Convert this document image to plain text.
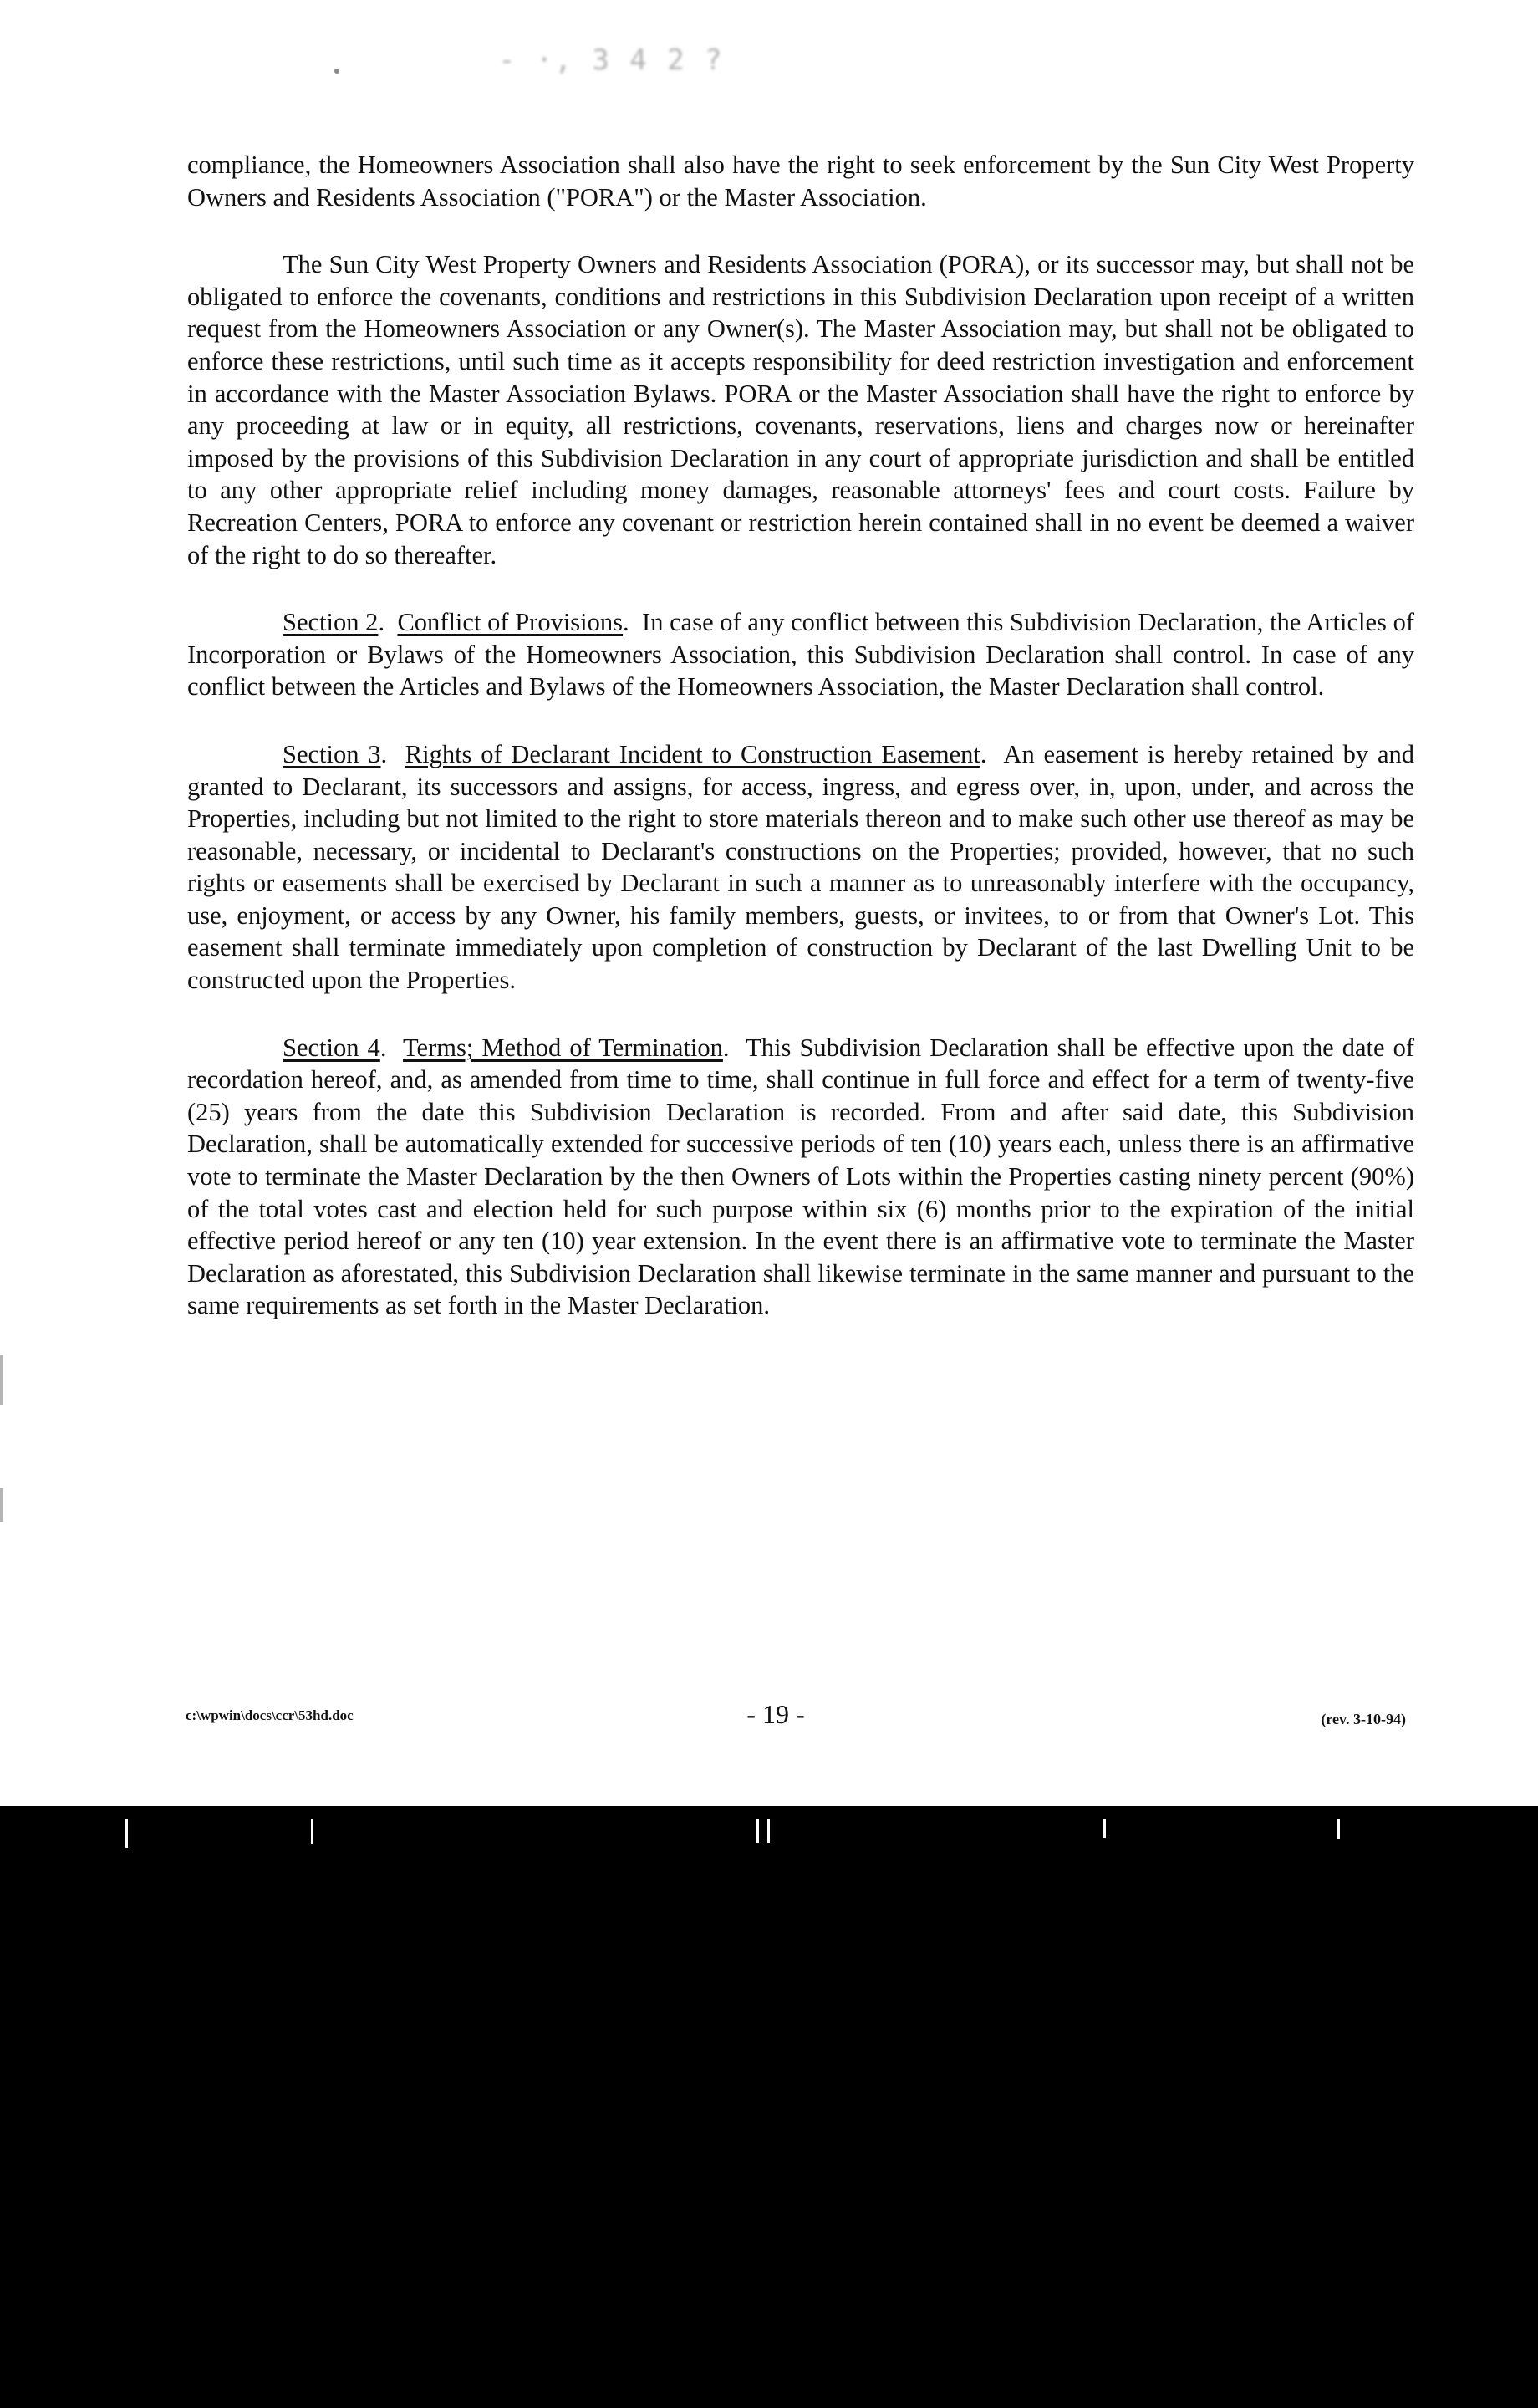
- ·, 3 4 2 ?

compliance, the Homeowners Association shall also have the right to seek enforcement by the Sun City West Property Owners and Residents Association ("PORA") or the Master Association.

The Sun City West Property Owners and Residents Association (PORA), or its successor may, but shall not be obligated to enforce the covenants, conditions and restrictions in this Subdivision Declaration upon receipt of a written request from the Homeowners Association or any Owner(s). The Master Association may, but shall not be obligated to enforce these restrictions, until such time as it accepts responsibility for deed restriction investigation and enforcement in accordance with the Master Association Bylaws. PORA or the Master Association shall have the right to enforce by any proceeding at law or in equity, all restrictions, covenants, reservations, liens and charges now or hereinafter imposed by the provisions of this Subdivision Declaration in any court of appropriate jurisdiction and shall be entitled to any other appropriate relief including money damages, reasonable attorneys' fees and court costs. Failure by Recreation Centers, PORA to enforce any covenant or restriction herein contained shall in no event be deemed a waiver of the right to do so thereafter.

Section 2. Conflict of Provisions. In case of any conflict between this Subdivision Declaration, the Articles of Incorporation or Bylaws of the Homeowners Association, this Subdivision Declaration shall control. In case of any conflict between the Articles and Bylaws of the Homeowners Association, the Master Declaration shall control.

Section 3. Rights of Declarant Incident to Construction Easement. An easement is hereby retained by and granted to Declarant, its successors and assigns, for access, ingress, and egress over, in, upon, under, and across the Properties, including but not limited to the right to store materials thereon and to make such other use thereof as may be reasonable, necessary, or incidental to Declarant's constructions on the Properties; provided, however, that no such rights or easements shall be exercised by Declarant in such a manner as to unreasonably interfere with the occupancy, use, enjoyment, or access by any Owner, his family members, guests, or invitees, to or from that Owner's Lot. This easement shall terminate immediately upon completion of construction by Declarant of the last Dwelling Unit to be constructed upon the Properties.

Section 4. Terms; Method of Termination. This Subdivision Declaration shall be effective upon the date of recordation hereof, and, as amended from time to time, shall continue in full force and effect for a term of twenty-five (25) years from the date this Subdivision Declaration is recorded. From and after said date, this Subdivision Declaration, shall be automatically extended for successive periods of ten (10) years each, unless there is an affirmative vote to terminate the Master Declaration by the then Owners of Lots within the Properties casting ninety percent (90%) of the total votes cast and election held for such purpose within six (6) months prior to the expiration of the initial effective period hereof or any ten (10) year extension. In the event there is an affirmative vote to terminate the Master Declaration as aforestated, this Subdivision Declaration shall likewise terminate in the same manner and pursuant to the same requirements as set forth in the Master Declaration.

c:\wpwin\docs\ccr\53hd.doc	- 19 -	(rev. 3-10-94)
